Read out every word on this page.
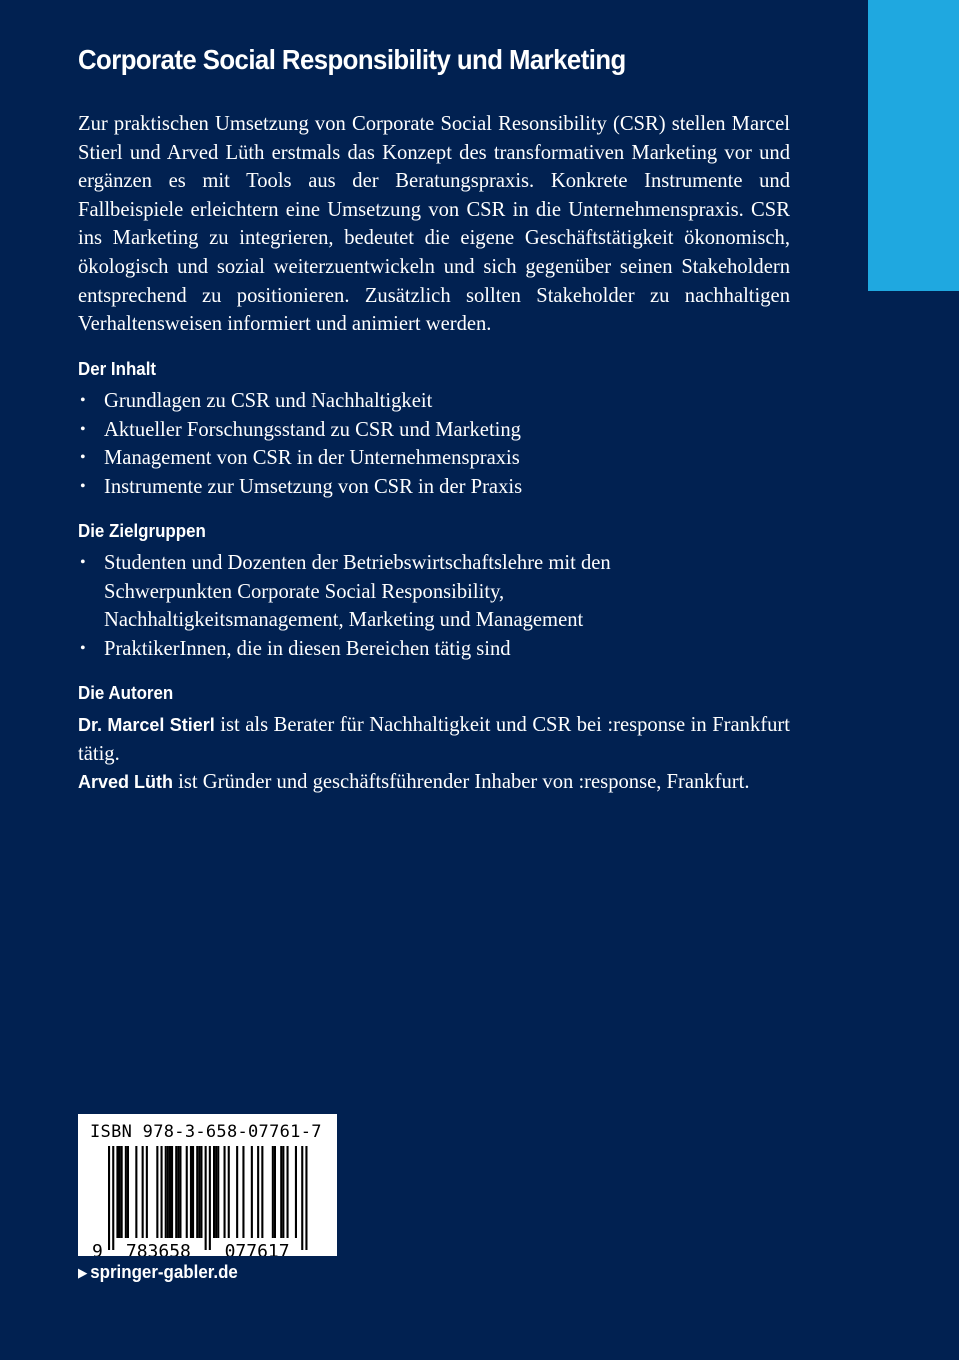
Corporate Social Responsibility und Marketing

Zur praktischen Umsetzung von Corporate Social Resonsibility (CSR) stellen Marcel Stierl und Arved Lüth erstmals das Konzept des transformativen Marketing vor und ergänzen es mit Tools aus der Beratungspraxis. Konkrete Instrumente und Fallbeispiele erleichtern eine Umsetzung von CSR in die Unternehmenspraxis. CSR ins Marketing zu integrieren, bedeutet die eigene Geschäftstätigkeit ökonomisch, ökologisch und sozial weiterzuentwickeln und sich gegenüber seinen Stakeholdern entsprechend zu positionieren. Zusätzlich sollten Stakeholder zu nachhaltigen Verhaltensweisen informiert und animiert werden.

Der Inhalt
• Grundlagen zu CSR und Nachhaltigkeit
• Aktueller Forschungsstand zu CSR und Marketing
• Management von CSR in der Unternehmenspraxis
• Instrumente zur Umsetzung von CSR in der Praxis
Die Zielgruppen
• Studenten und Dozenten der Betriebswirtschaftslehre mit den Schwerpunkten Corporate Social Responsibility, Nachhaltigkeitsmanagement, Marketing und Management
• PraktikerInnen, die in diesen Bereichen tätig sind
Die Autoren

Dr. Marcel Stierl ist als Berater für Nachhaltigkeit und CSR bei :response in Frankfurt tätig.

Arved Lüth ist Gründer und geschäftsführender Inhaber von :response, Frankfurt.

ISBN 978-3-658-07761-7
9 783658 077617
▶ springer-gabler.de
